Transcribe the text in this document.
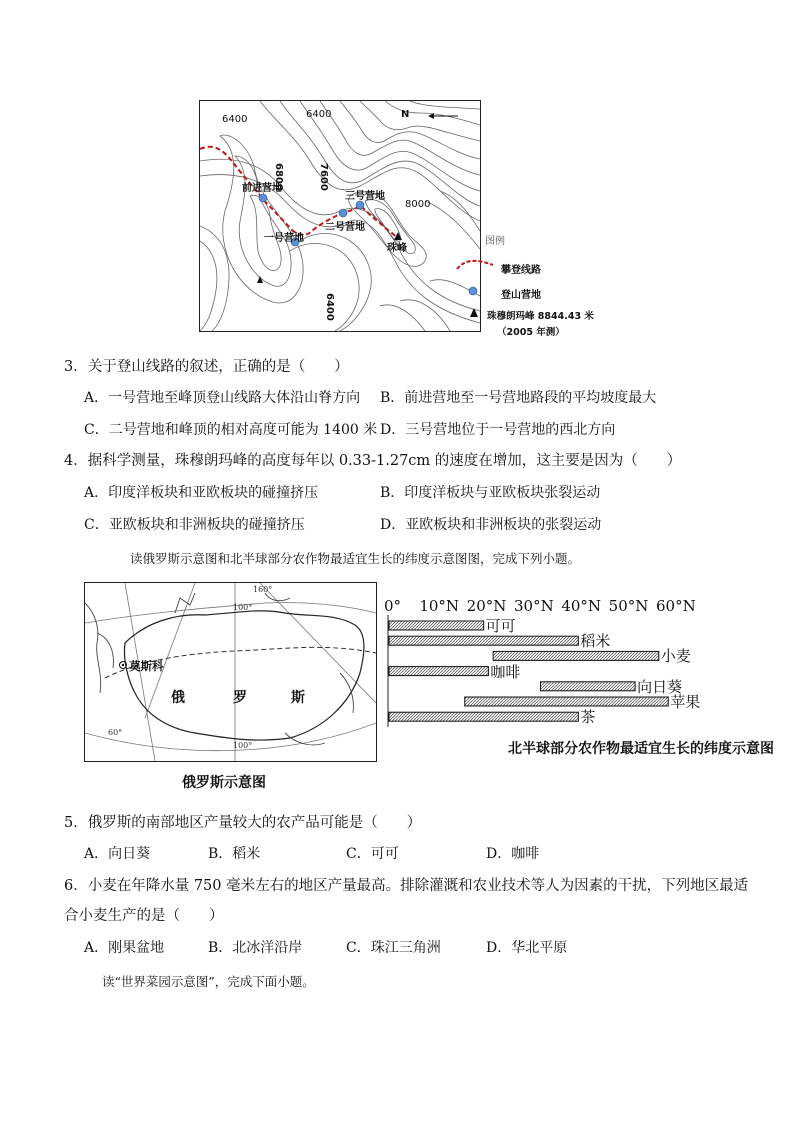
6400	6400
6800	7600
8000
6400
N
前进营地
一号营地
二号营地
三号营地
珠峰
图例
攀登线路
登山营地
珠穆朗玛峰 8844.43 米
（2005 年测）
3．关于登山线路的叙述，正确的是（　　）
A．一号营地至峰顶登山线路大体沿山脊方向 B．前进营地至一号营地路段的平均坡度最大
C．二号营地和峰顶的相对高度可能为 1400 米 D．三号营地位于一号营地的西北方向
4．据科学测量，珠穆朗玛峰的高度每年以 0.33-1.27cm 的速度在增加，这主要是因为（　　）
A．印度洋板块和亚欧板块的碰撞挤压	B．印度洋板块与亚欧板块张裂运动
C．亚欧板块和非洲板块的碰撞挤压	D．亚欧板块和非洲板块的张裂运动
读俄罗斯示意图和北半球部分农作物最适宜生长的纬度示意图图，完成下列小题。
160°
100°
60°
100°
莫斯科
俄	罗	斯
俄罗斯示意图
0° 10°N 20°N 30°N 40°N 50°N 60°N
可可
稻米
小麦
咖啡
向日葵
苹果
茶
北半球部分农作物最适宜生长的纬度示意图
5．俄罗斯的南部地区产量较大的农产品可能是（　　）
A．向日葵	B．稻米	C．可可	D．咖啡
6．小麦在年降水量 750 毫米左右的地区产量最高。排除灌溉和农业技术等人为因素的干扰，下列地区最适
合小麦生产的是（　　）
A．刚果盆地	B．北冰洋沿岸	C．珠江三角洲	D．华北平原
读“世界菜园示意图”，完成下面小题。
